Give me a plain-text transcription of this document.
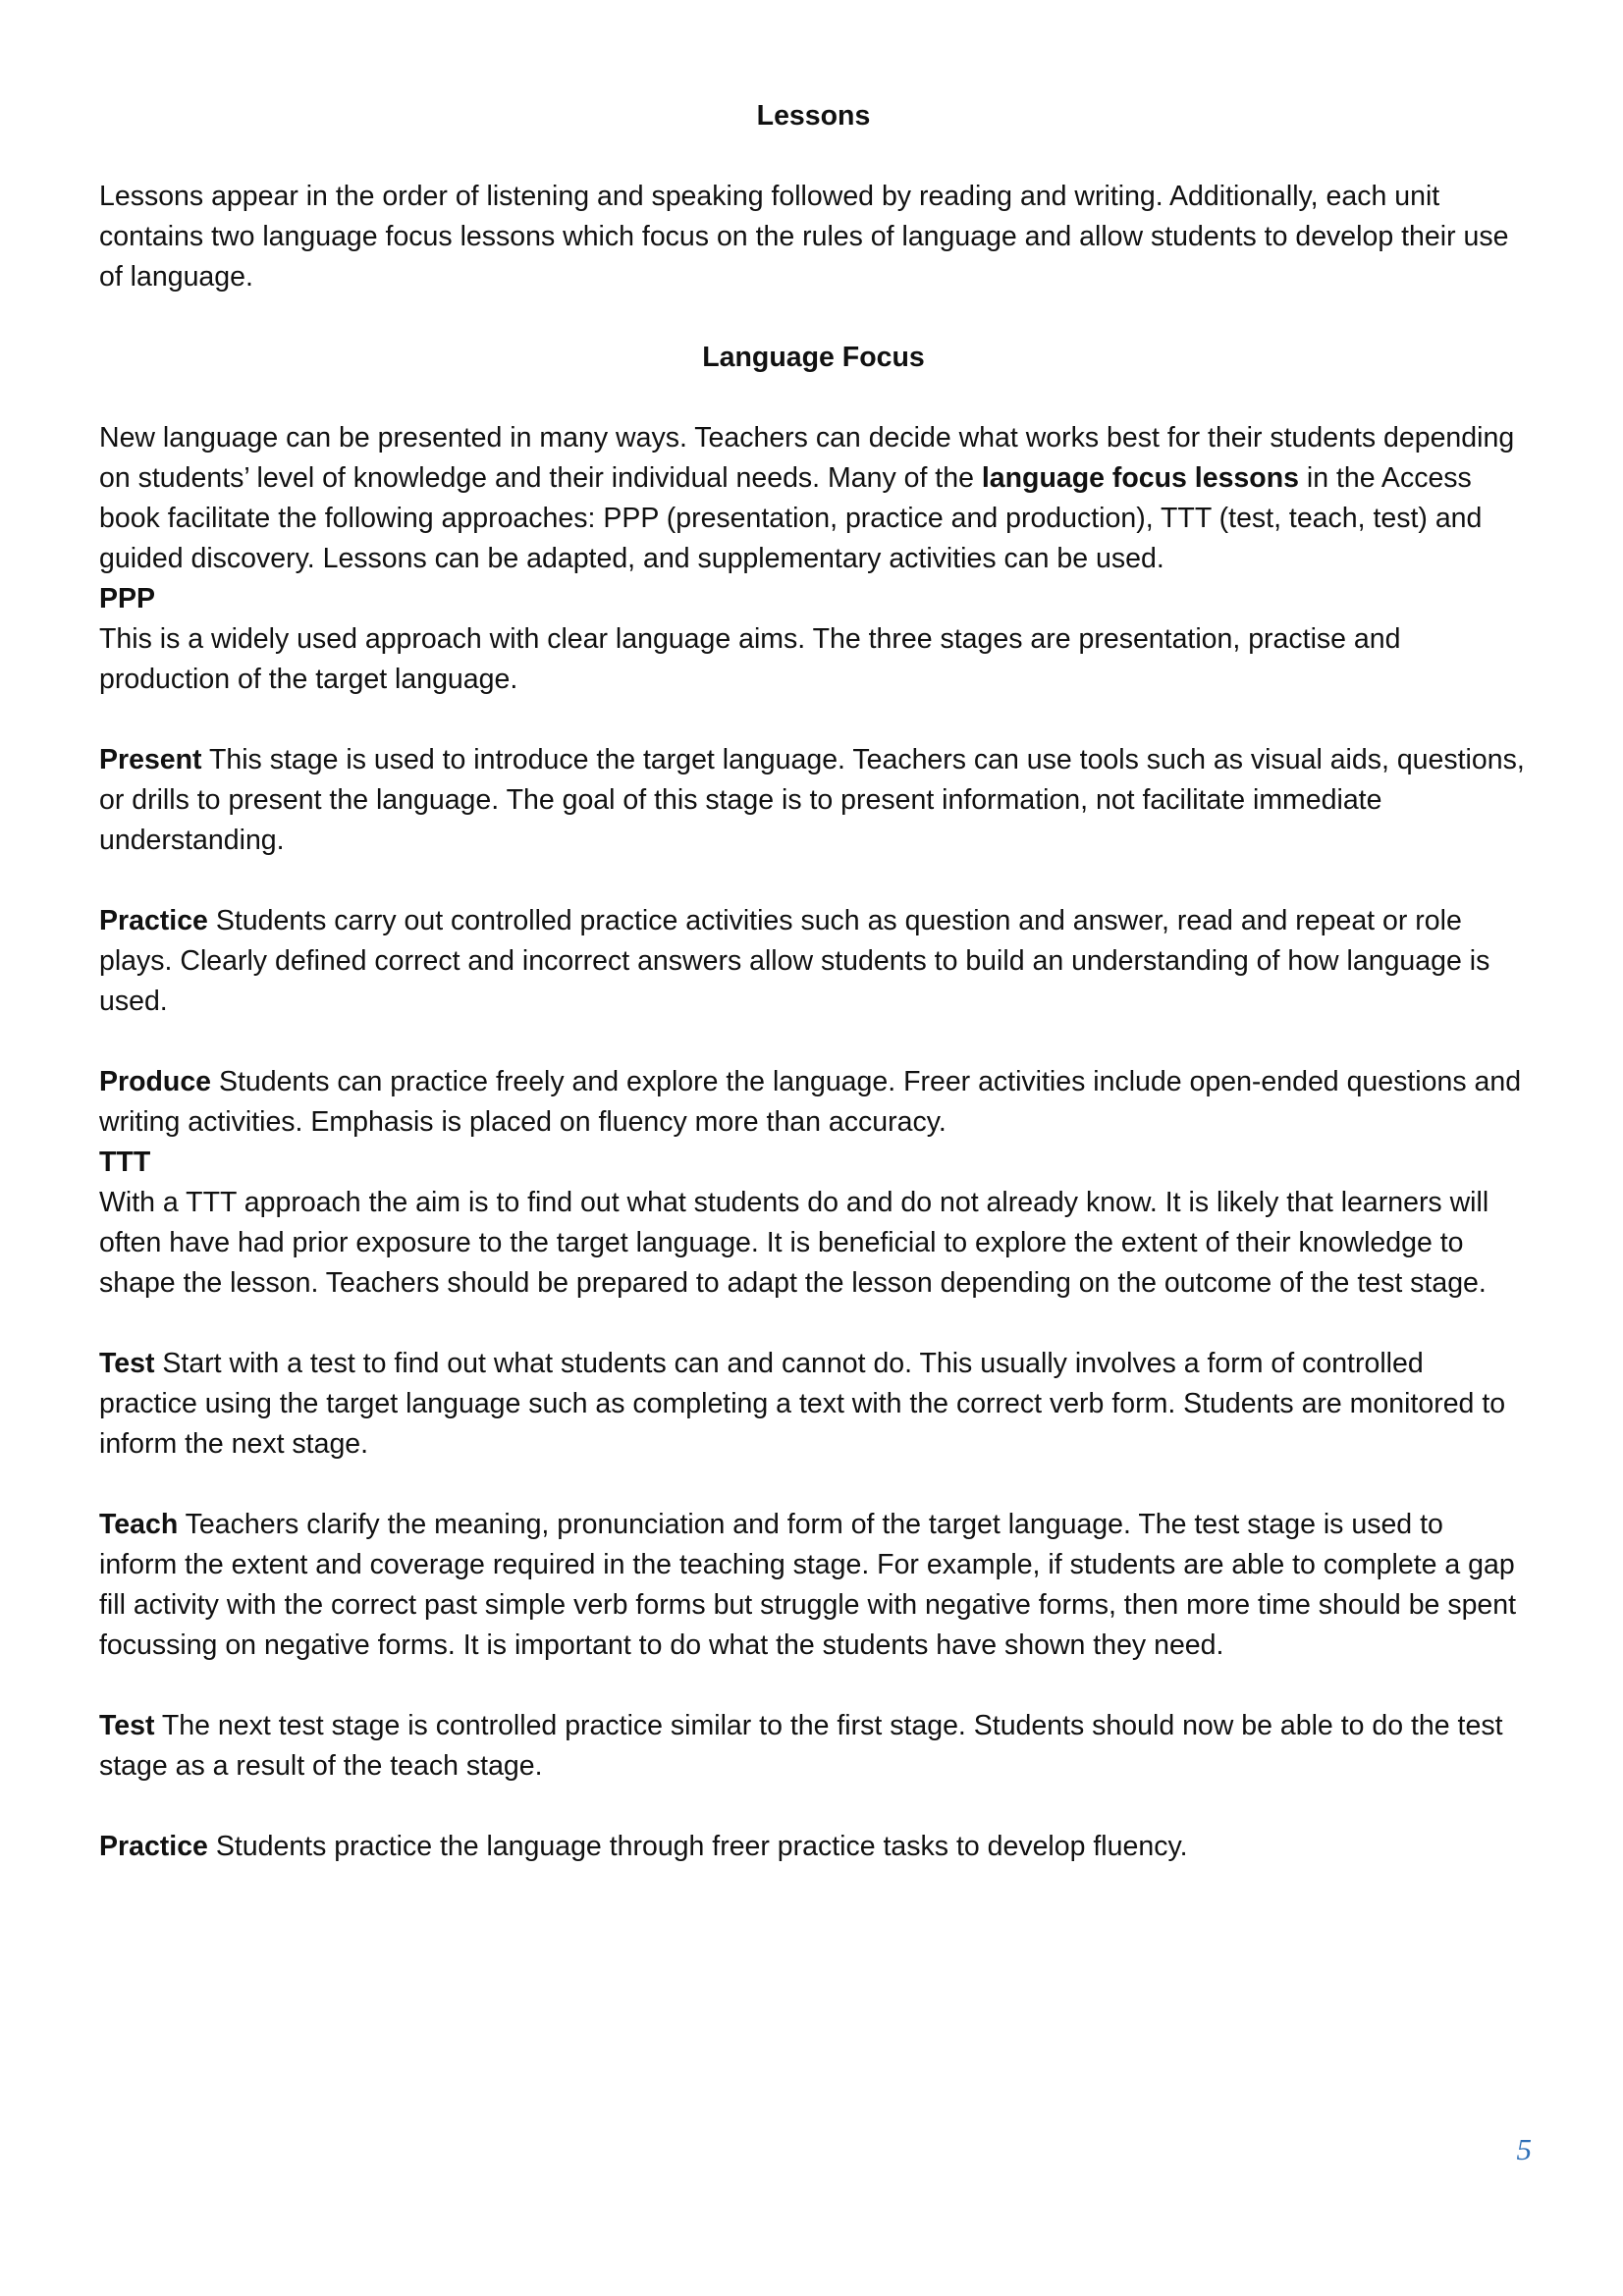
Lessons

Lessons appear in the order of listening and speaking followed by reading and writing. Additionally, each unit contains two language focus lessons which focus on the rules of language and allow students to develop their use of language.

Language Focus

New language can be presented in many ways. Teachers can decide what works best for their students depending on students’ level of knowledge and their individual needs. Many of the language focus lessons in the Access book facilitate the following approaches: PPP (presentation, practice and production), TTT (test, teach, test) and guided discovery. Lessons can be adapted, and supplementary activities can be used.

PPP

This is a widely used approach with clear language aims. The three stages are presentation, practise and production of the target language.

Present This stage is used to introduce the target language. Teachers can use tools such as visual aids, questions, or drills to present the language. The goal of this stage is to present information, not facilitate immediate understanding.

Practice Students carry out controlled practice activities such as question and answer, read and repeat or role plays. Clearly defined correct and incorrect answers allow students to build an understanding of how language is used.

Produce Students can practice freely and explore the language. Freer activities include open-ended questions and writing activities. Emphasis is placed on fluency more than accuracy.

TTT

With a TTT approach the aim is to find out what students do and do not already know. It is likely that learners will often have had prior exposure to the target language. It is beneficial to explore the extent of their knowledge to shape the lesson. Teachers should be prepared to adapt the lesson depending on the outcome of the test stage.

Test Start with a test to find out what students can and cannot do. This usually involves a form of controlled practice using the target language such as completing a text with the correct verb form. Students are monitored to inform the next stage.

Teach Teachers clarify the meaning, pronunciation and form of the target language. The test stage is used to inform the extent and coverage required in the teaching stage. For example, if students are able to complete a gap fill activity with the correct past simple verb forms but struggle with negative forms, then more time should be spent focussing on negative forms. It is important to do what the students have shown they need.

Test The next test stage is controlled practice similar to the first stage. Students should now be able to do the test stage as a result of the teach stage.

Practice Students practice the language through freer practice tasks to develop fluency.

5
